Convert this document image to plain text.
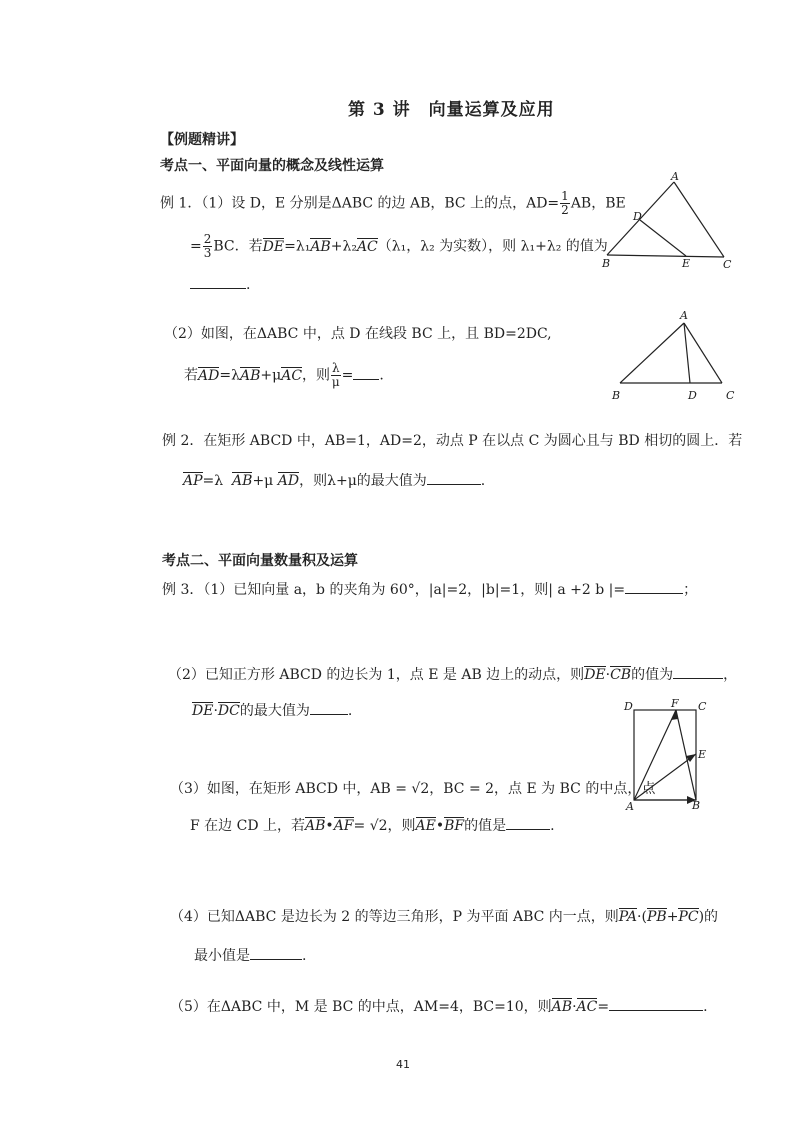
第 3 讲　向量运算及应用
【例题精讲】
考点一、平面向量的概念及线性运算
例 1．（1）设 D，E 分别是ΔABC 的边 AB，BC 上的点，$AD= \frac{1}{2}$ AB，BE
= $\frac{2}{3}$ BC．若DE=λ₁AB+λ₂AC（λ₁，λ₂ 为实数），则 λ₁+λ₂ 的值为
.
A
D
B	E	C
（2）如图，在ΔABC 中，点 D 在线段 BC 上，且 BD=2DC,
若AD=λAB+μAC，则 $\frac{\lambda}{\mu}$ = .
A
B	D	C
例 2．在矩形 ABCD 中，AB=1，AD=2，动点 P 在以点 C 为圆心且与 BD 相切的圆上．若
AP=λ AB+μ AD，则λ+μ的最大值为	.
考点二、平面向量数量积及运算
例 3．（1）已知向量 a，b 的夹角为 60°，|a|=2，|b|=1，则| a +2 b |=	；
（2）已知正方形 ABCD 的边长为 1，点 E 是 AB 边上的动点，则DE·CB的值为	，
DE·DC的最大值为	.	D	F C
E
A	B
（3）如图，在矩形 ABCD 中，AB = √2，BC = 2，点 E 为 BC 的中点，点
F 在边 CD 上，若AB•AF= √2，则AE•BF的值是	.
（4）已知ΔABC 是边长为 2 的等边三角形，P 为平面 ABC 内一点，则PA·(PB+PC)的
最小值是	.
（5）在ΔABC 中，M 是 BC 的中点，AM=4，BC=10，则AB·AC=	.
41
